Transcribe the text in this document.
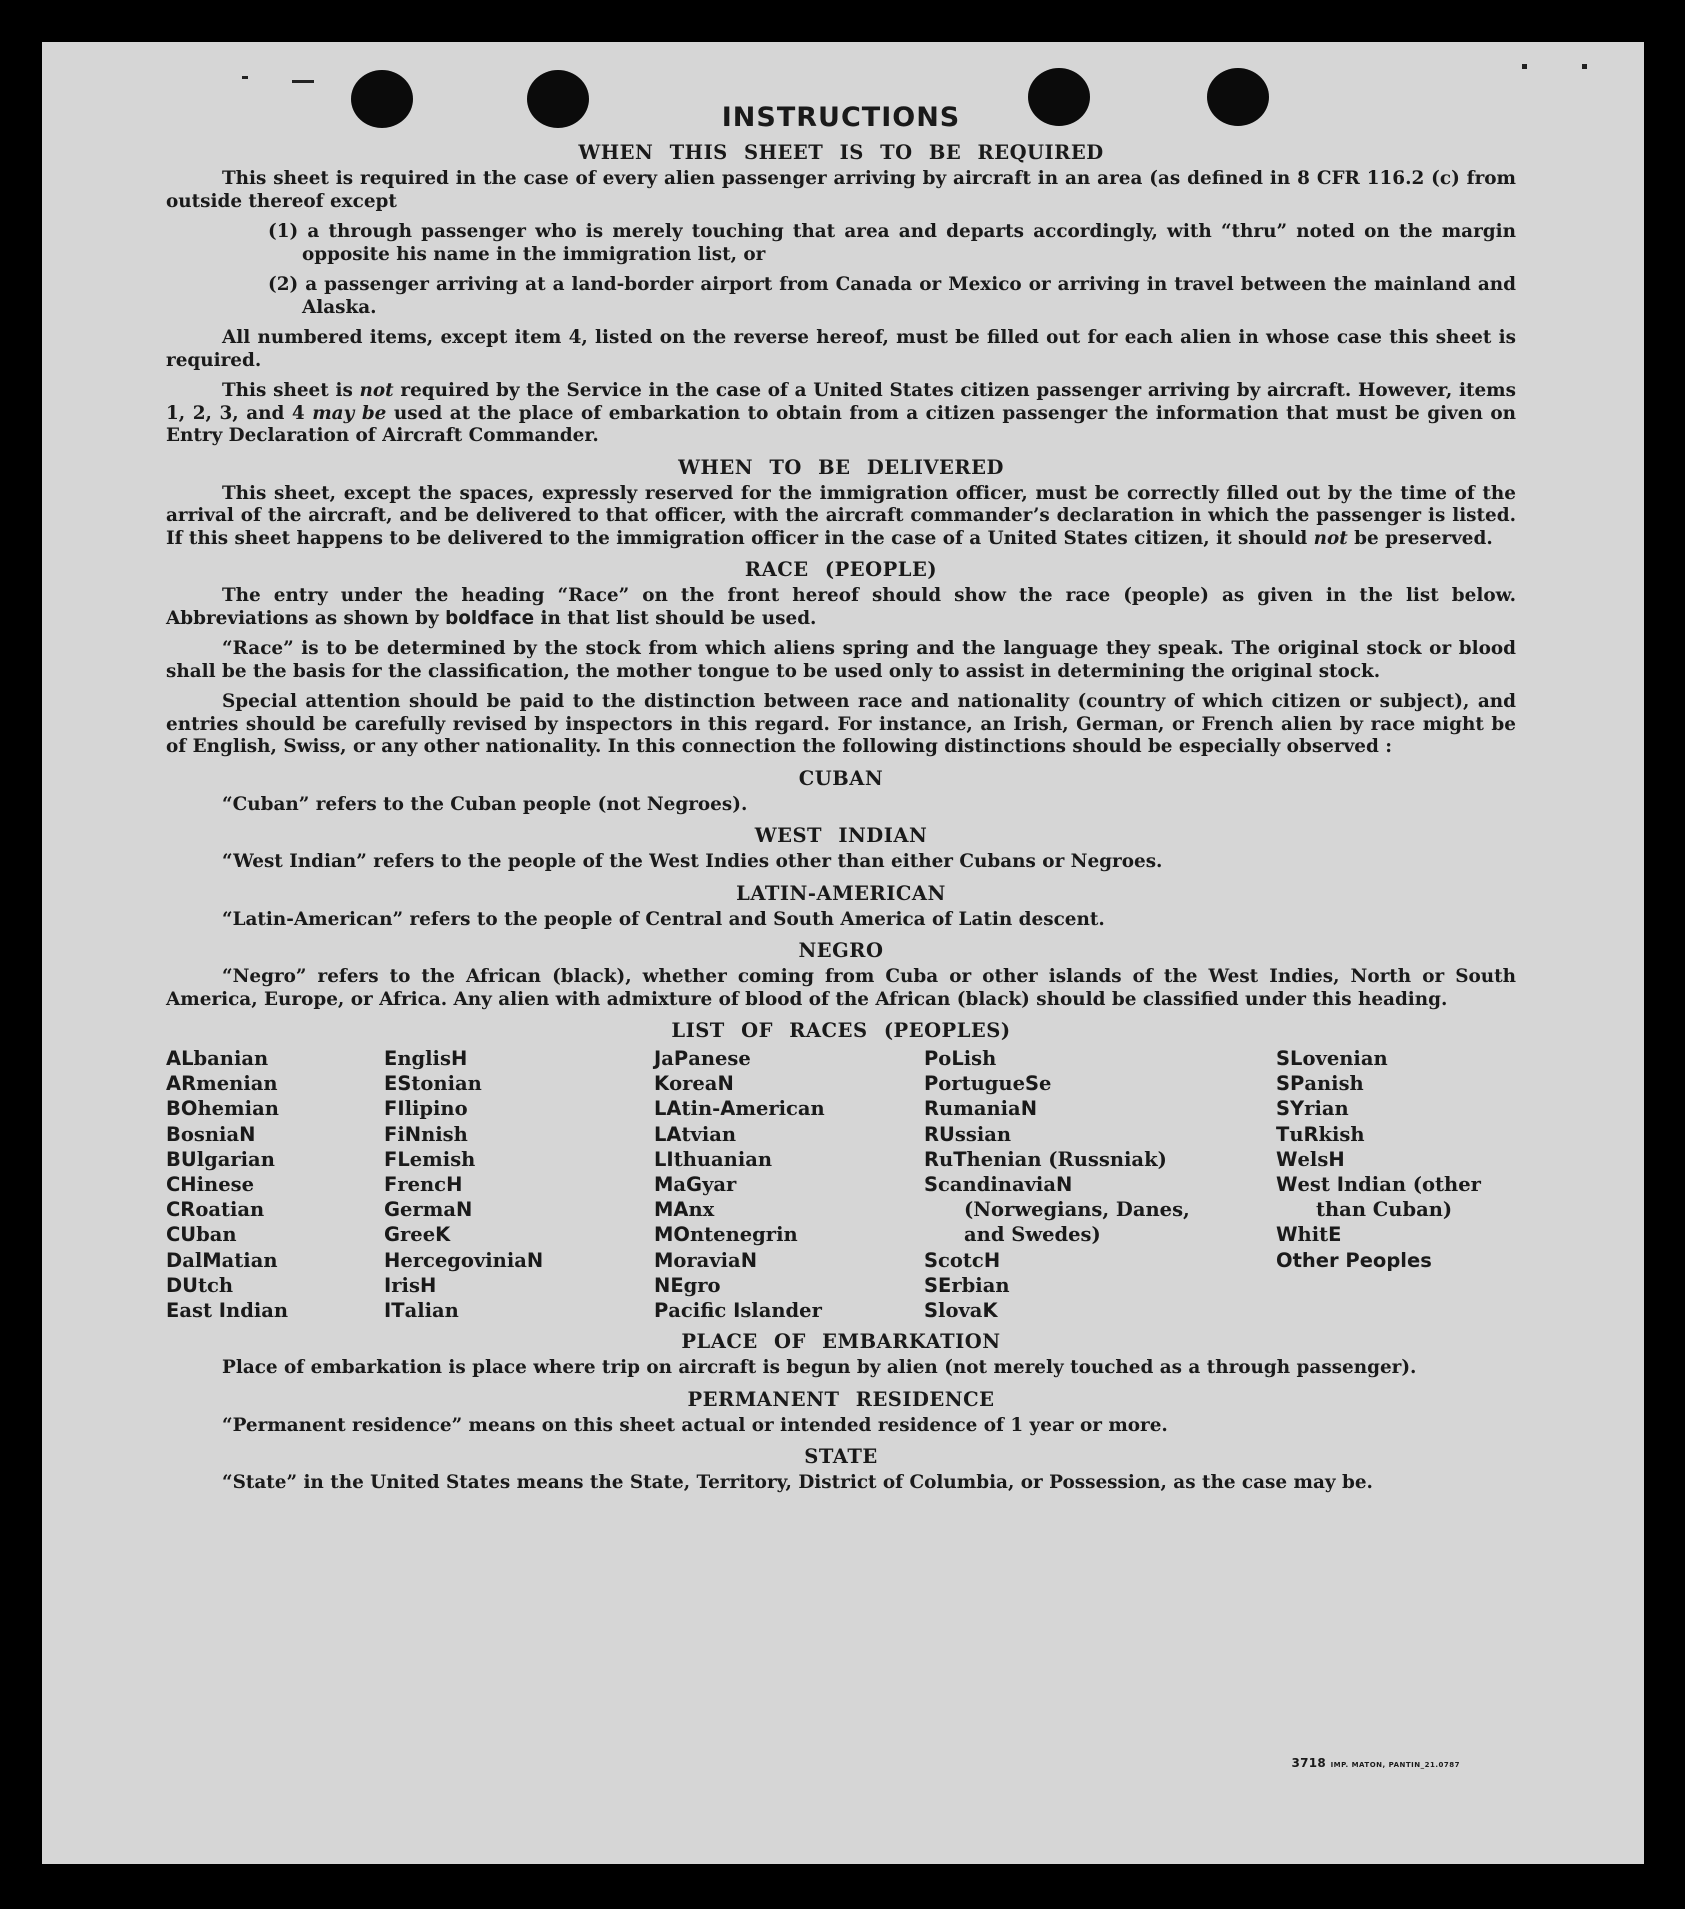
INSTRUCTIONS
WHEN THIS SHEET IS TO BE REQUIRED

This sheet is required in the case of every alien passenger arriving by aircraft in an area (as defined in 8 CFR 116.2 (c) from outside thereof except

(1) a through passenger who is merely touching that area and departs accordingly, with “thru” noted on the margin opposite his name in the immigration list, or

(2) a passenger arriving at a land-border airport from Canada or Mexico or arriving in travel between the mainland and Alaska.

All numbered items, except item 4, listed on the reverse hereof, must be filled out for each alien in whose case this sheet is required.

This sheet is not required by the Service in the case of a United States citizen passenger arriving by aircraft. However, items 1, 2, 3, and 4 may be used at the place of embarkation to obtain from a citizen passenger the information that must be given on Entry Declaration of Aircraft Commander.

WHEN TO BE DELIVERED

This sheet, except the spaces, expressly reserved for the immigration officer, must be correctly filled out by the time of the arrival of the aircraft, and be delivered to that officer, with the aircraft commander’s declaration in which the passenger is listed. If this sheet happens to be delivered to the immigration officer in the case of a United States citizen, it should not be preserved.

RACE (PEOPLE)

The entry under the heading “Race” on the front hereof should show the race (people) as given in the list below. Abbreviations as shown by boldface in that list should be used.

“Race” is to be determined by the stock from which aliens spring and the language they speak. The original stock or blood shall be the basis for the classification, the mother tongue to be used only to assist in determining the original stock.

Special attention should be paid to the distinction between race and nationality (country of which citizen or subject), and entries should be carefully revised by inspectors in this regard. For instance, an Irish, German, or French alien by race might be of English, Swiss, or any other nationality. In this connection the following distinctions should be especially observed :

CUBAN

“Cuban” refers to the Cuban people (not Negroes).

WEST INDIAN

“West Indian” refers to the people of the West Indies other than either Cubans or Negroes.

LATIN-AMERICAN

“Latin-American” refers to the people of Central and South America of Latin descent.

NEGRO

“Negro” refers to the African (black), whether coming from Cuba or other islands of the West Indies, North or South America, Europe, or Africa. Any alien with admixture of blood of the African (black) should be classified under this heading.

LIST OF RACES (PEOPLES)
ALbanian
ARmenian
BOhemian
BosniaN
BUlgarian
CHinese
CRoatian
CUban
DalMatian
DUtch
East Indian
EnglisH
EStonian
FIlipino
FiNnish
FLemish
FrencH
GermaN
GreeK
HercegoviniaN
IrisH
ITalian
JaPanese
KoreaN
LAtin-American
LAtvian
LIthuanian
MaGyar
MAnx
MOntenegrin
MoraviaN
NEgro
Pacific Islander
PoLish
PortugueSe
RumaniaN
RUssian
RuThenian (Russniak)
ScandinaviaN (Norwegians, Danes, and Swedes)
ScotcH
SErbian
SlovaK
SLovenian
SPanish
SYrian
TuRkish
WelsH
West Indian (other than Cuban)
WhitE
Other Peoples
PLACE OF EMBARKATION

Place of embarkation is place where trip on aircraft is begun by alien (not merely touched as a through passenger).

PERMANENT RESIDENCE

“Permanent residence” means on this sheet actual or intended residence of 1 year or more.

STATE

“State” in the United States means the State, Territory, District of Columbia, or Possession, as the case may be.

3718 IMP. MATON, PANTIN_21.0787
